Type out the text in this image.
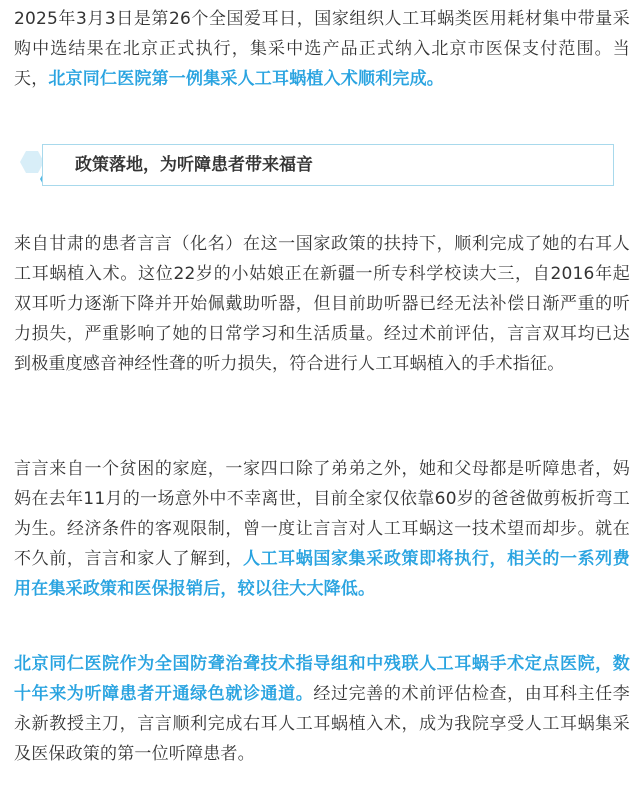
2025年3月3日是第26个全国爱耳日，国家组织人工耳蜗类医用耗材集中带量采购中选结果在北京正式执行，集采中选产品正式纳入北京市医保支付范围。当天，北京同仁医院第一例集采人工耳蜗植入术顺利完成。

政策落地，为听障患者带来福音

来自甘肃的患者言言（化名）在这一国家政策的扶持下，顺利完成了她的右耳人工耳蜗植入术。这位22岁的小姑娘正在新疆一所专科学校读大三，自2016年起双耳听力逐渐下降并开始佩戴助听器，但目前助听器已经无法补偿日渐严重的听力损失，严重影响了她的日常学习和生活质量。经过术前评估，言言双耳均已达到极重度感音神经性聋的听力损失，符合进行人工耳蜗植入的手术指征。

言言来自一个贫困的家庭，一家四口除了弟弟之外，她和父母都是听障患者，妈妈在去年11月的一场意外中不幸离世，目前全家仅依靠60岁的爸爸做剪板折弯工为生。经济条件的客观限制，曾一度让言言对人工耳蜗这一技术望而却步。就在不久前，言言和家人了解到，人工耳蜗国家集采政策即将执行，相关的一系列费用在集采政策和医保报销后，较以往大大降低。

北京同仁医院作为全国防聋治聋技术指导组和中残联人工耳蜗手术定点医院，数十年来为听障患者开通绿色就诊通道。经过完善的术前评估检查，由耳科主任李永新教授主刀，言言顺利完成右耳人工耳蜗植入术，成为我院享受人工耳蜗集采及医保政策的第一位听障患者。
